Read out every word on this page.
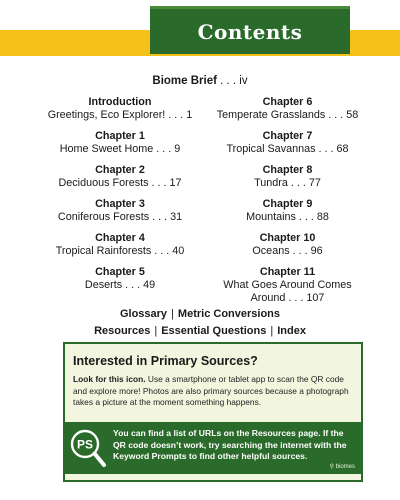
Contents
Biome Brief . . . iv
Introduction
Greetings, Eco Explorer! . . . 1
Chapter 1
Home Sweet Home . . . 9
Chapter 2
Deciduous Forests . . . 17
Chapter 3
Coniferous Forests . . . 31
Chapter 4
Tropical Rainforests . . . 40
Chapter 5
Deserts . . . 49
Chapter 6
Temperate Grasslands . . . 58
Chapter 7
Tropical Savannas . . . 68
Chapter 8
Tundra . . . 77
Chapter 9
Mountains . . . 88
Chapter 10
Oceans . . . 96
Chapter 11
What Goes Around Comes
Around . . . 107
Glossary | Metric Conversions
Resources | Essential Questions | Index
Interested in Primary Sources?
Look for this icon. Use a smartphone or tablet app to scan the QR code and explore more! Photos are also primary sources because a photograph takes a picture at the moment something happens.
PS
You can find a list of URLs on the Resources page. If the QR code doesn’t work, try searching the internet with the Keyword Prompts to find other helpful sources.
⚲ biomes
